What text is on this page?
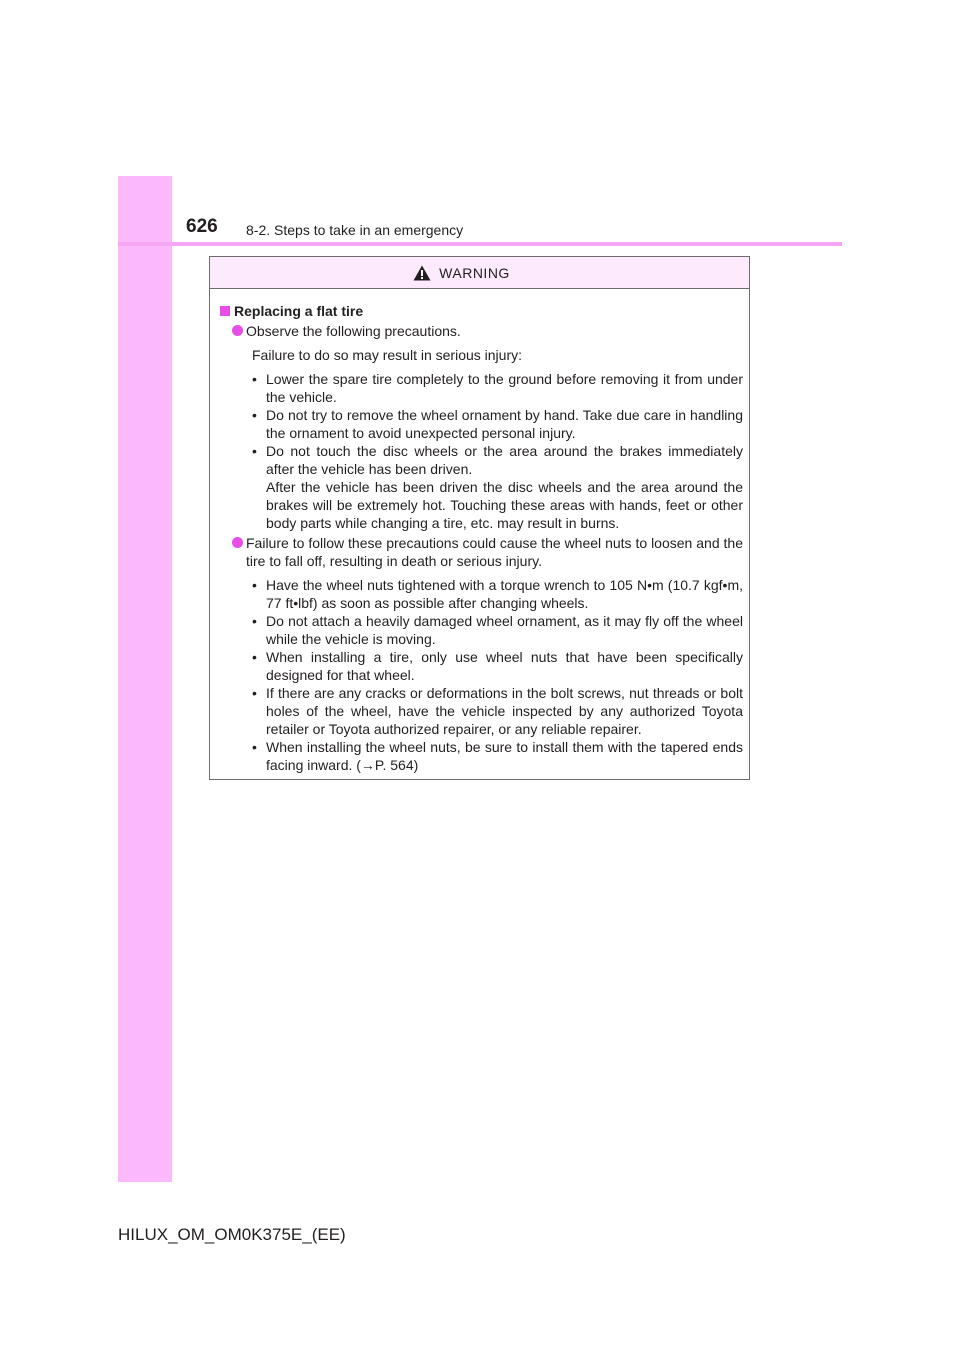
626 8-2. Steps to take in an emergency
WARNING
Replacing a flat tire
Observe the following precautions.
Failure to do so may result in serious injury:
• Lower the spare tire completely to the ground before removing it from under the vehicle.
• Do not try to remove the wheel ornament by hand. Take due care in handling the ornament to avoid unexpected personal injury.
• Do not touch the disc wheels or the area around the brakes immediately after the vehicle has been driven.
After the vehicle has been driven the disc wheels and the area around the brakes will be extremely hot. Touching these areas with hands, feet or other body parts while changing a tire, etc. may result in burns.
Failure to follow these precautions could cause the wheel nuts to loosen and the tire to fall off, resulting in death or serious injury.
• Have the wheel nuts tightened with a torque wrench to 105 N•m (10.7 kgf•m, 77 ft•lbf) as soon as possible after changing wheels.
• Do not attach a heavily damaged wheel ornament, as it may fly off the wheel while the vehicle is moving.
• When installing a tire, only use wheel nuts that have been specifically designed for that wheel.
• If there are any cracks or deformations in the bolt screws, nut threads or bolt holes of the wheel, have the vehicle inspected by any authorized Toyota retailer or Toyota authorized repairer, or any reliable repairer.
• When installing the wheel nuts, be sure to install them with the tapered ends facing inward. (→P. 564)
HILUX_OM_OM0K375E_(EE)
